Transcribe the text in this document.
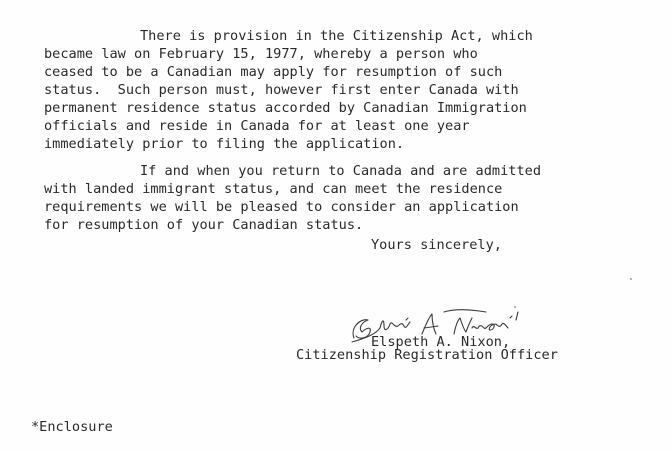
There is provision in the Citizenship Act, which
became law on February 15, 1977, whereby a person who
ceased to be a Canadian may apply for resumption of such
status.  Such person must, however first enter Canada with
permanent residence status accorded by Canadian Immigration
officials and reside in Canada for at least one year
immediately prior to filing the application.
If and when you return to Canada and are admitted
with landed immigrant status, and can meet the residence
requirements we will be pleased to consider an application
for resumption of your Canadian status.
Yours sincerely,
Elspeth A. Nixon,
Citizenship Registration Officer
*Enclosure
